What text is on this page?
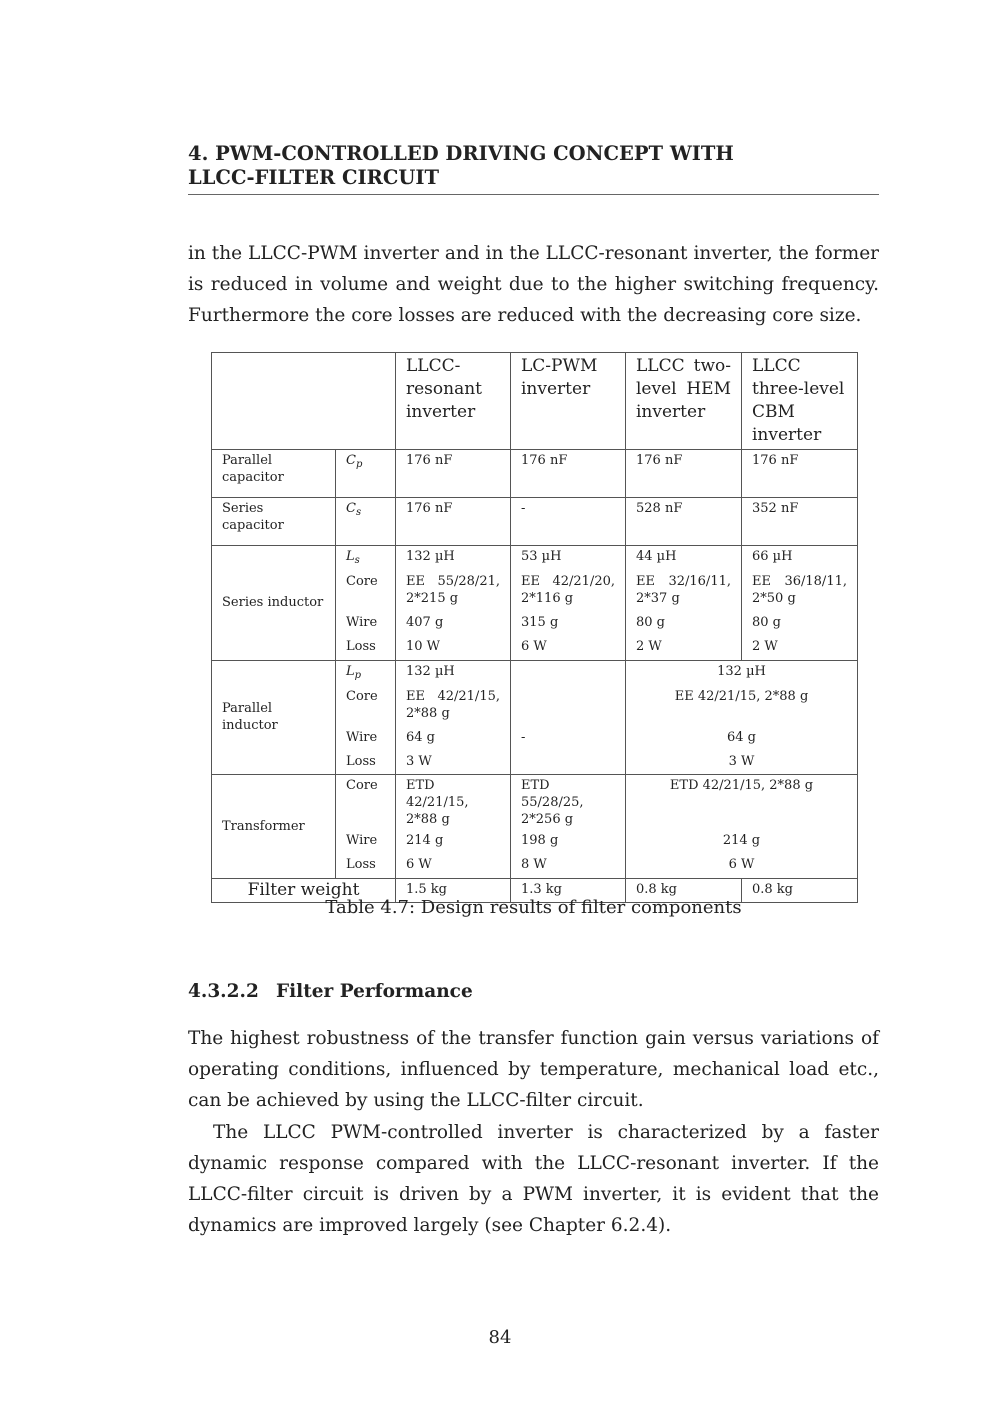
4. PWM-CONTROLLED DRIVING CONCEPT WITH
LLCC-FILTER CIRCUIT

in the LLCC-PWM inverter and in the LLCC-resonant inverter, the former is reduced in volume and weight due to the higher switching frequency. Furthermore the core losses are reduced with the decreasing core size.

		LLCC-resonant inverter	LC-PWM inverter	LLCC two-level HEM inverter	LLCC three-level CBM inverter
Parallel capacitor	$C_p$	176 nF	176 nF	176 nF	176 nF
Series capacitor	$C_s$	176 nF	-	528 nF	352 nF
Series inductor	$L_s$	132 µH	53 µH	44 µH	66 µH
	Core	EE 55/28/21, 2*215 g	EE 42/21/20, 2*116 g	EE 32/16/11, 2*37 g	EE 36/18/11, 2*50 g
	Wire	407 g	315 g	80 g	80 g
	Loss	10 W	6 W	2 W	2 W
Parallel inductor	$L_p$	132 µH		132 µH	
	Core	EE 42/21/15, 2*88 g		EE 42/21/15, 2*88 g	
	Wire	64 g	-	64 g	
	Loss	3 W		3 W	
Transformer	Core	ETD 42/21/15, 2*88 g	ETD 55/28/25, 2*256 g	ETD 42/21/15, 2*88 g	
	Wire	214 g	198 g	214 g	
	Loss	6 W	8 W	6 W	
Filter weight		1.5 kg	1.3 kg	0.8 kg	0.8 kg
Table 4.7: Design results of filter components
4.3.2.2 Filter Performance

The highest robustness of the transfer function gain versus variations of operating conditions, influenced by temperature, mechanical load etc., can be achieved by using the LLCC-filter circuit.

The LLCC PWM-controlled inverter is characterized by a faster dynamic response compared with the LLCC-resonant inverter. If the LLCC-filter circuit is driven by a PWM inverter, it is evident that the dynamics are improved largely (see Chapter 6.2.4).

84
